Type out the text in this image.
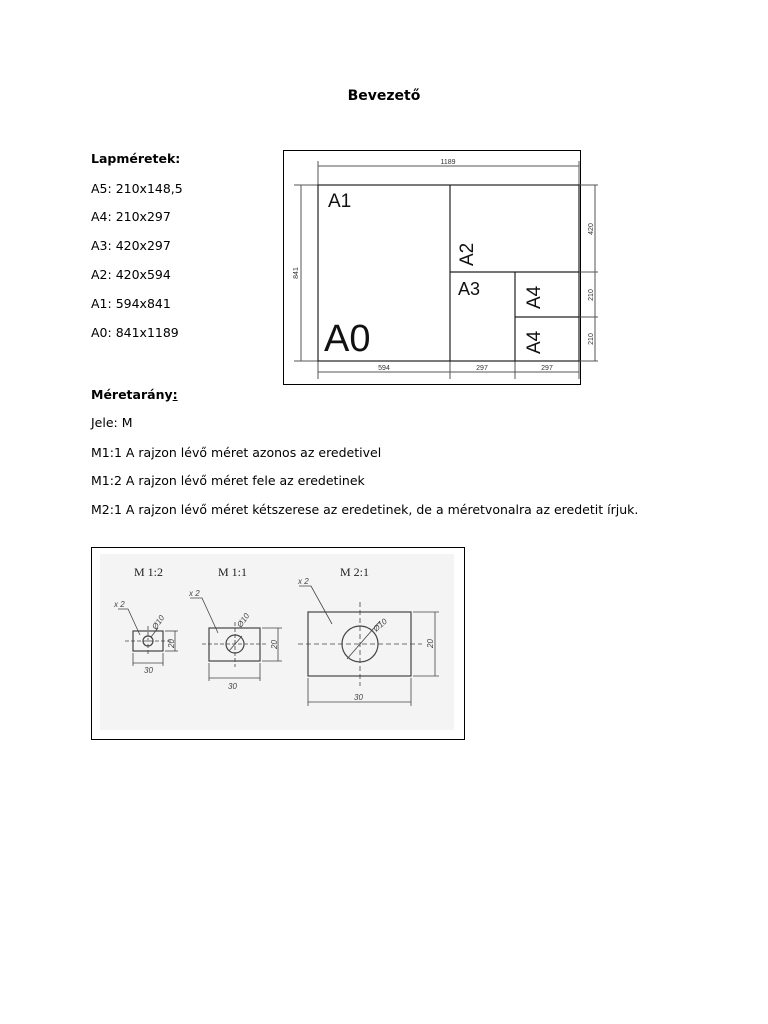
Bevezető
Lapméretek:
A5: 210x148,5
A4: 210x297
A3: 420x297
A2: 420x594
A1: 594x841
A0: 841x1189
Méretarány:
Jele: M
M1:1 A rajzon lévő méret azonos az eredetivel
M1:2 A rajzon lévő méret fele az eredetinek
M2:1 A rajzon lévő méret kétszerese az eredetinek, de a méretvonalra az eredetit írjuk.
A0
A1
A2
A3 A4
A4
1189
841
594	297	297
420
210
210
M 1:2	M 1:1	M 2:1
x 2
Ø10
30
20
x 2
Ø10
30
20
x 2
Ø10
30
20
